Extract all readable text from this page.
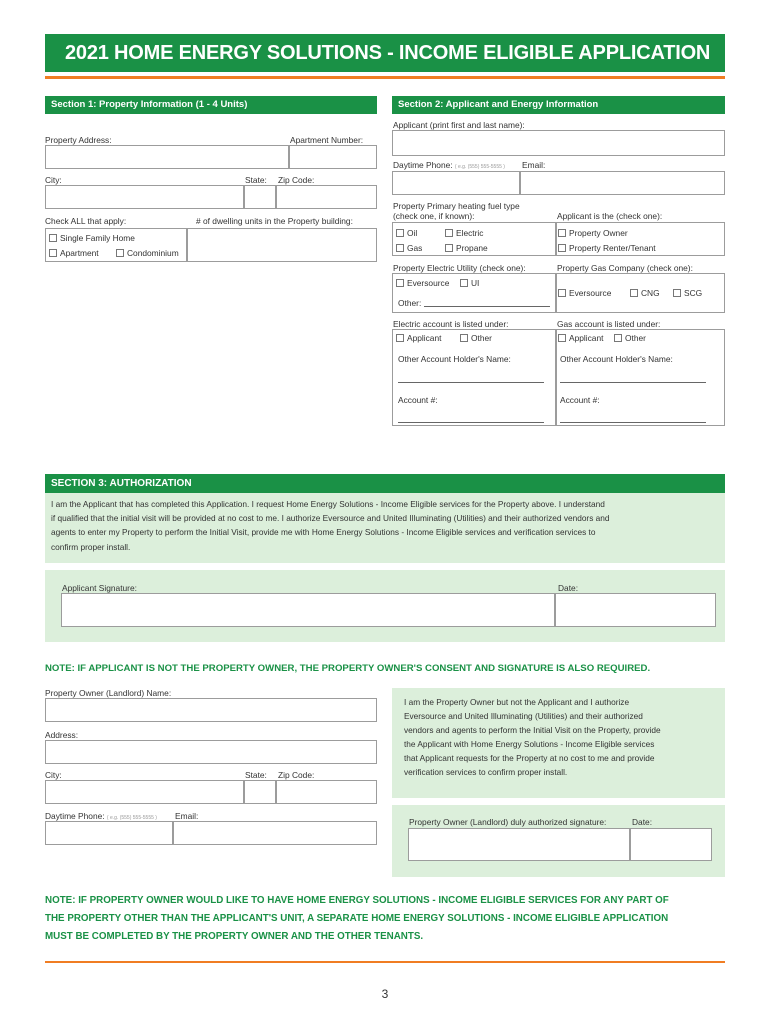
2021 HOME ENERGY SOLUTIONS - INCOME ELIGIBLE APPLICATION
Section 1: Property Information (1 - 4 Units)
Property Address:	Apartment Number:
City:	State: Zip Code:
Check ALL that apply:	# of dwelling units in the Property building:
Single Family Home
Apartment	Condominium
Section 2: Applicant and Energy Information
Applicant (print first and last name):
Daytime Phone: ( e.g. (555) 555-5555 ) Email:
Property Primary heating fuel type
(check one, if known):	Applicant is the (check one):
Oil	Electric
Gas	Propane
Property Owner
Property Renter/Tenant
Property Electric Utility (check one):	Property Gas Company (check one):
Eversource	UI
Other:
Eversource	CNG	SCG
Electric account is listed under:	Gas account is listed under:
Applicant	Other	Applicant	Other
Other Account Holder's Name:	Other Account Holder's Name:
Account #:	Account #:
SECTION 3: AUTHORIZATION
I am the Applicant that has completed this Application. I request Home Energy Solutions - Income Eligible services for the Property above. I understand
if qualified that the initial visit will be provided at no cost to me. I authorize Eversource and United Illuminating (Utilities) and their authorized vendors and
agents to enter my Property to perform the Initial Visit, provide me with Home Energy Solutions - Income Eligible services and verification services to
confirm proper install.
Applicant Signature:	Date:
NOTE: IF APPLICANT IS NOT THE PROPERTY OWNER, THE PROPERTY OWNER'S CONSENT AND SIGNATURE IS ALSO REQUIRED.
Property Owner (Landlord) Name:
Address:
City:	State: Zip Code:
Daytime Phone: ( e.g. (555) 555-5555 ) Email:
I am the Property Owner but not the Applicant and I authorize
Eversource and United Illuminating (Utilities) and their authorized
vendors and agents to perform the Initial Visit on the Property, provide
the Applicant with Home Energy Solutions - Income Eligible services
that Applicant requests for the Property at no cost to me and provide
verification services to confirm proper install.
Property Owner (Landlord) duly authorized signature:	Date:
NOTE: IF PROPERTY OWNER WOULD LIKE TO HAVE HOME ENERGY SOLUTIONS - INCOME ELIGIBLE SERVICES FOR ANY PART OF
THE PROPERTY OTHER THAN THE APPLICANT'S UNIT, A SEPARATE HOME ENERGY SOLUTIONS - INCOME ELIGIBLE APPLICATION
MUST BE COMPLETED BY THE PROPERTY OWNER AND THE OTHER TENANTS.
3
